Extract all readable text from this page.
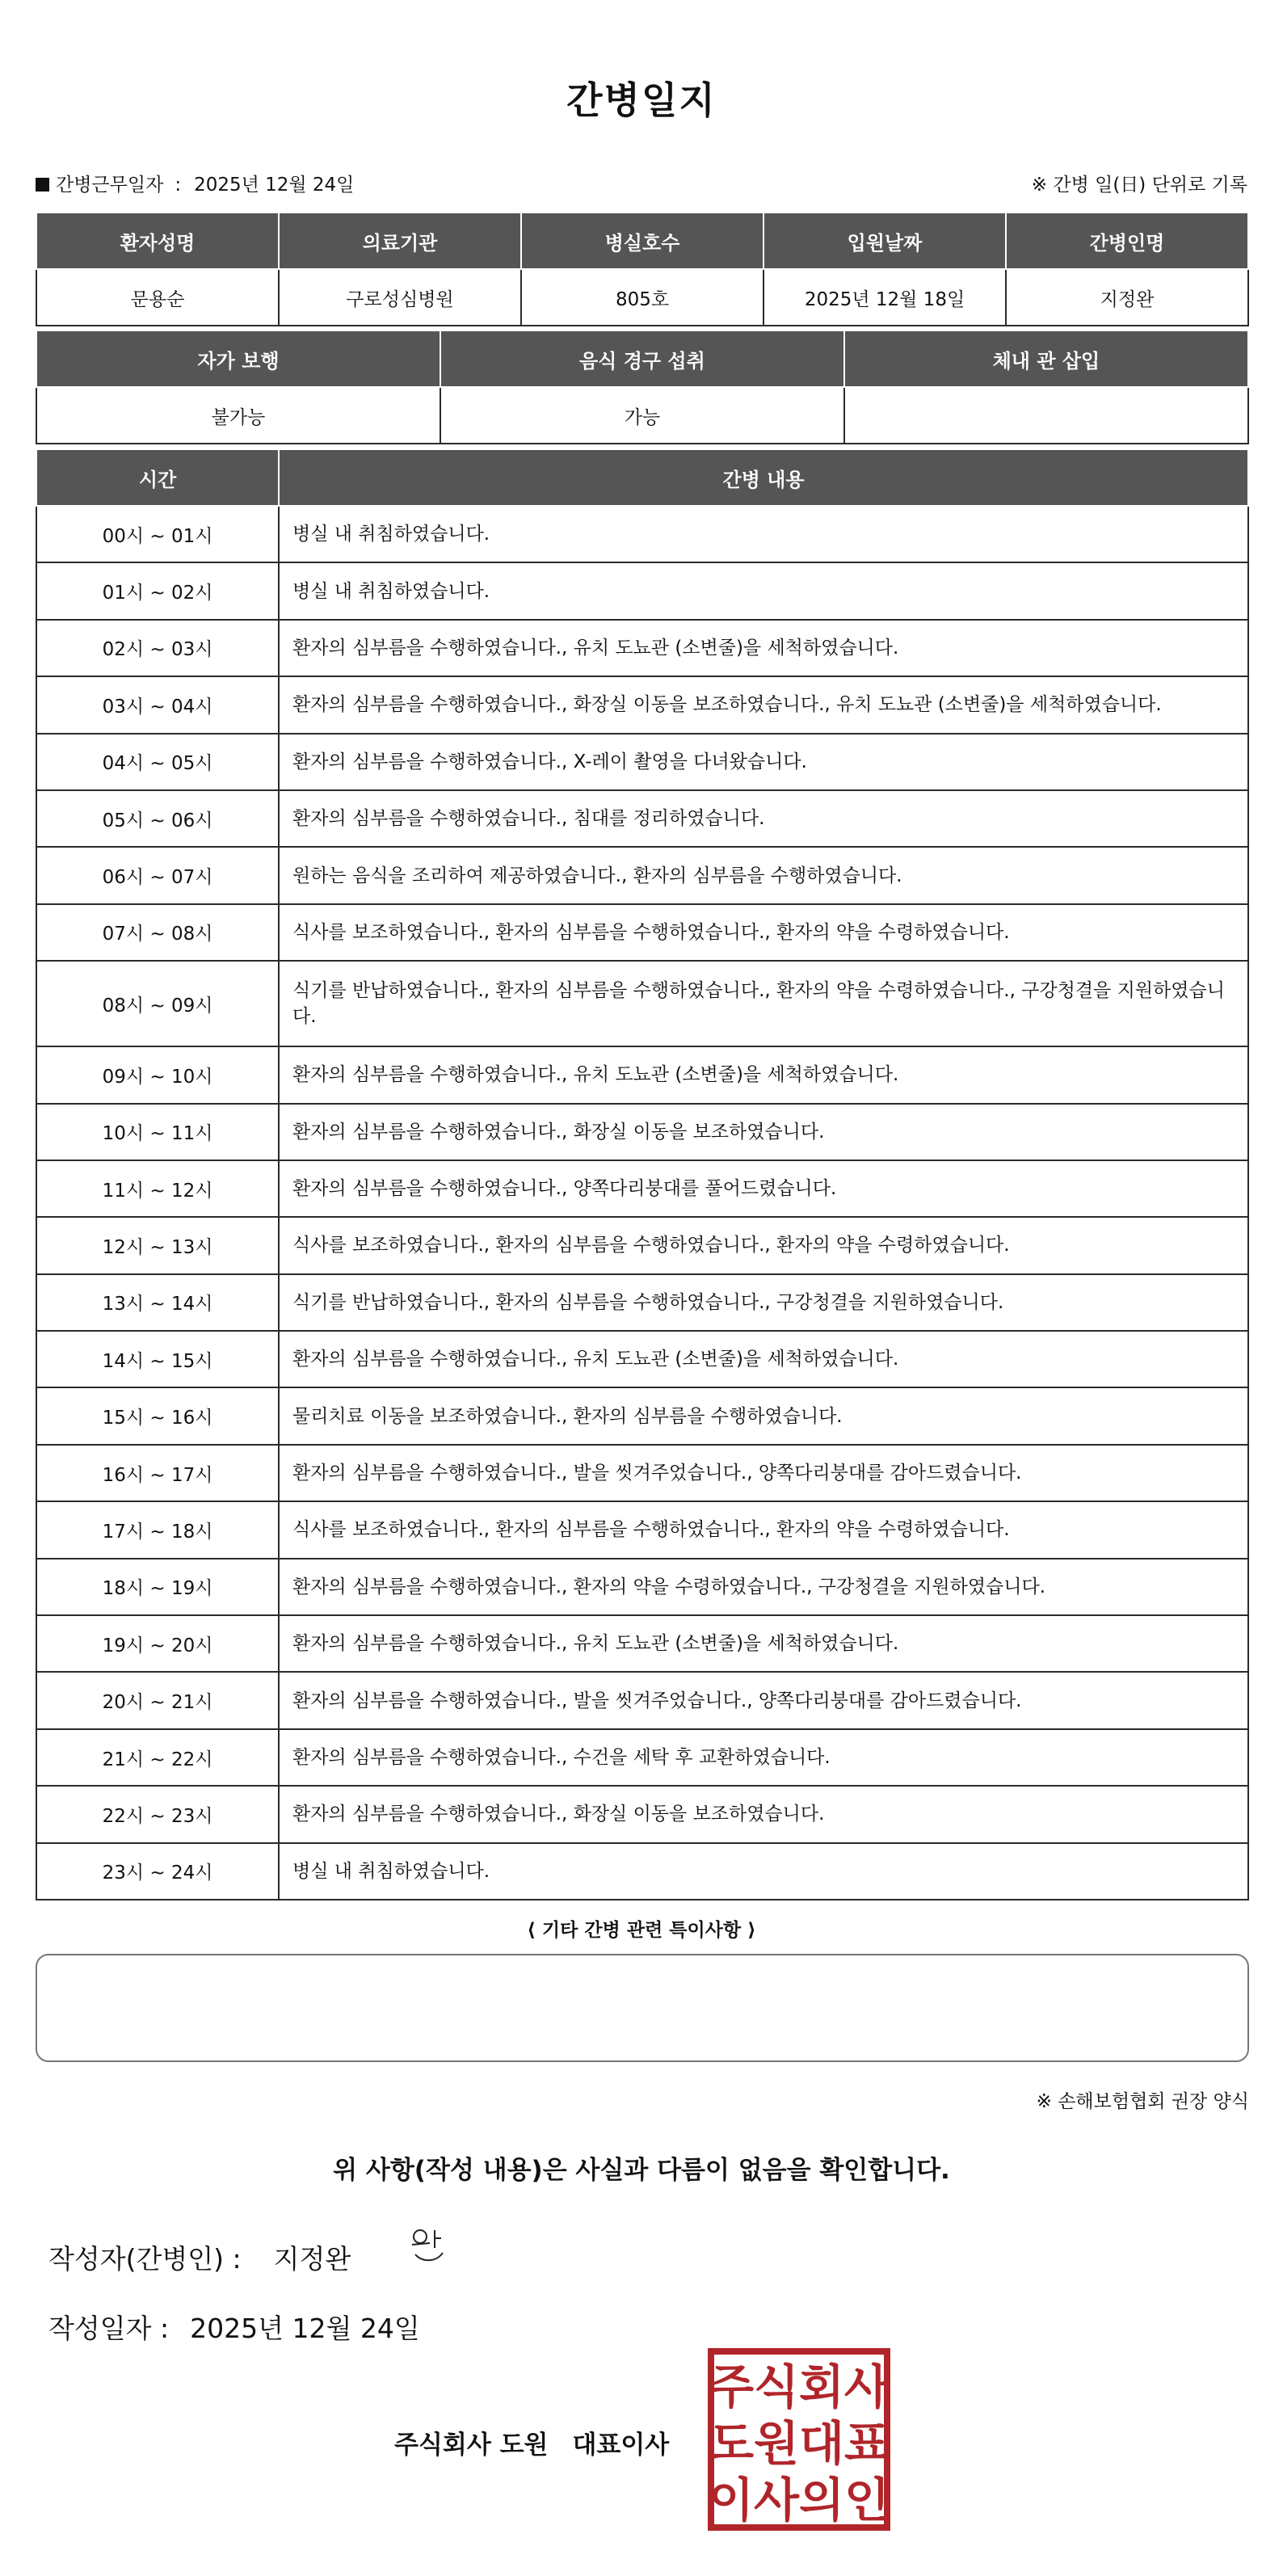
간병일지
간병근무일자 : 2025년 12월 24일	※ 간병 일(日) 단위로 기록
환자성명	의료기관	병실호수	입원날짜	간병인명
문용순	구로성심병원	805호	2025년 12월 18일	지정완
자가 보행	음식 경구 섭취	체내 관 삽입
불가능	가능	
시간	간병 내용
00시 ~ 01시	병실 내 취침하였습니다.
01시 ~ 02시	병실 내 취침하였습니다.
02시 ~ 03시	환자의 심부름을 수행하였습니다., 유치 도뇨관 (소변줄)을 세척하였습니다.
03시 ~ 04시	환자의 심부름을 수행하였습니다., 화장실 이동을 보조하였습니다., 유치 도뇨관 (소변줄)을 세척하였습니다.
04시 ~ 05시	환자의 심부름을 수행하였습니다., X-레이 촬영을 다녀왔습니다.
05시 ~ 06시	환자의 심부름을 수행하였습니다., 침대를 정리하였습니다.
06시 ~ 07시	원하는 음식을 조리하여 제공하였습니다., 환자의 심부름을 수행하였습니다.
07시 ~ 08시	식사를 보조하였습니다., 환자의 심부름을 수행하였습니다., 환자의 약을 수령하였습니다.
08시 ~ 09시	식기를 반납하였습니다., 환자의 심부름을 수행하였습니다., 환자의 약을 수령하였습니다., 구강청결을 지원하였습니다.
09시 ~ 10시	환자의 심부름을 수행하였습니다., 유치 도뇨관 (소변줄)을 세척하였습니다.
10시 ~ 11시	환자의 심부름을 수행하였습니다., 화장실 이동을 보조하였습니다.
11시 ~ 12시	환자의 심부름을 수행하였습니다., 양쪽다리붕대를 풀어드렸습니다.
12시 ~ 13시	식사를 보조하였습니다., 환자의 심부름을 수행하였습니다., 환자의 약을 수령하였습니다.
13시 ~ 14시	식기를 반납하였습니다., 환자의 심부름을 수행하였습니다., 구강청결을 지원하였습니다.
14시 ~ 15시	환자의 심부름을 수행하였습니다., 유치 도뇨관 (소변줄)을 세척하였습니다.
15시 ~ 16시	물리치료 이동을 보조하였습니다., 환자의 심부름을 수행하였습니다.
16시 ~ 17시	환자의 심부름을 수행하였습니다., 발을 씻겨주었습니다., 양쪽다리붕대를 감아드렸습니다.
17시 ~ 18시	식사를 보조하였습니다., 환자의 심부름을 수행하였습니다., 환자의 약을 수령하였습니다.
18시 ~ 19시	환자의 심부름을 수행하였습니다., 환자의 약을 수령하였습니다., 구강청결을 지원하였습니다.
19시 ~ 20시	환자의 심부름을 수행하였습니다., 유치 도뇨관 (소변줄)을 세척하였습니다.
20시 ~ 21시	환자의 심부름을 수행하였습니다., 발을 씻겨주었습니다., 양쪽다리붕대를 감아드렸습니다.
21시 ~ 22시	환자의 심부름을 수행하였습니다., 수건을 세탁 후 교환하였습니다.
22시 ~ 23시	환자의 심부름을 수행하였습니다., 화장실 이동을 보조하였습니다.
23시 ~ 24시	병실 내 취침하였습니다.
⟨ 기타 간병 관련 특이사항 ⟩
※ 손해보험협회 권장 양식
위 사항(작성 내용)은 사실과 다름이 없음을 확인합니다.
작성자(간병인) : 지정완
작성일자 : 2025년 12월 24일
주식회사 도원 대표이사
주식회사
도원대표
이사의인
